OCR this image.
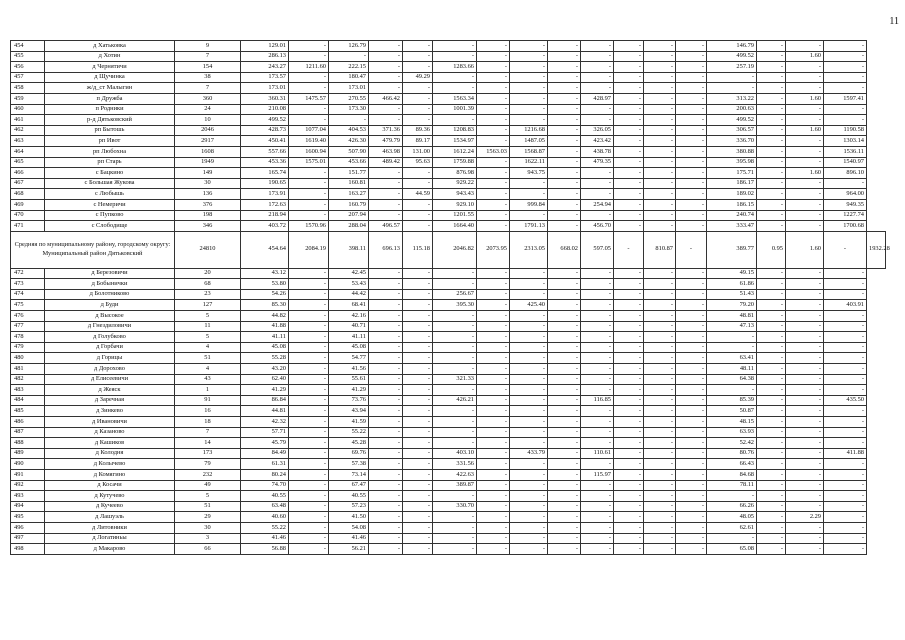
11
454	д Хатьковка	9	129.01	-	126.79	-	-	-	-	-	-	-	-	-	-	146.79	-	-	-	
455	д Хотин	7	286.13	-	-	-	-	-	-	-	-	-	-	-	-	499.52	-	1.60	-	
456	д Чернятичи	154	243.27	1211.60	222.15	-	-	1283.66	-	-	-	-	-	-	-	257.19	-	-	-	
457	д Щучинка	38	173.57	-	180.47	-	49.29	-	-	-	-	-	-	-	-	-	-	-	-	
458	ж/д_ст Малыгин	7	173.01	-	173.01	-	-	-	-	-	-	-	-	-	-	-	-	-	-	
459	п Дружба	360	360.31	1475.57	270.55	466.42	-	1563.34	-	-	-	428.97	-	-	-	313.22	-	1.60	1597.41	
460	п Родники	24	210.08	-	173.30	-	-	1001.39	-	-	-	-	-	-	-	200.63	-	-	-	
461	р-д Дятьковский	10	499.52	-	-	-	-	-	-	-	-	-	-	-	-	499.52	-	-	-	
462	рп Бытошь	2046	428.73	1077.04	404.53	371.36	89.36	1208.83	-	1216.68	-	326.05	-	-	-	306.57	-	1.60	1190.58	
463	рп Ивот	2917	450.41	1619.40	426.30	479.79	89.17	1534.97	-	1487.05	-	423.42	-	-	-	336.70	-	-	1303.14	
464	рп Любохна	1608	557.66	1600.94	507.90	463.98	131.00	1612.24	1563.03	1568.87	-	438.78	-	-	-	380.88	-	-	1536.11	
465	рп Старь	1949	453.36	1575.01	453.66	489.42	95.63	1759.88	-	1622.11	-	479.35	-	-	-	395.98	-	-	1540.97	
466	с Бацкино	149	165.74	-	151.77	-	-	876.98	-	943.75	-	-	-	-	-	175.71	-	1.60	896.10	
467	с Большая Жукова	30	190.65	-	160.81	-	-	929.22	-	-	-	-	-	-	-	186.17	-	-	-	
468	с Любышь	136	173.91	-	163.27	-	44.59	943.43	-	-	-	-	-	-	-	189.02	-	-	964.00	
469	с Немеричи	376	172.63	-	160.79	-	-	929.10	-	999.84	-	254.94	-	-	-	186.15	-	-	949.35	
470	с Пупково	198	218.94	-	207.94	-	-	1201.55	-	-	-	-	-	-	-	240.74	-	-	1227.74	
471	с Слободище	346	403.72	1570.96	288.04	496.57	-	1664.40	-	1791.13	-	456.70	-	-	-	333.47	-	-	1700.68	
Средняя по муниципальному району, городскому округу: Муниципальный район Дятьковский		24810	454.64	2084.19	398.11	696.13	115.18	2046.82	2073.95	2313.05	668.02	597.05	-	810.87	-	389.77	0.95	1.60	-	1932.28
472	д Березовичи	20	43.12	-	42.45	-	-	-	-	-	-	-	-	-	-	49.15	-	-	-	
473	д Бобынички	68	53.80	-	53.43	-	-	-	-	-	-	-	-	-	-	61.86	-	-	-	
474	д Болотниково	23	54.26	-	44.42	-	-	256.67	-	-	-	-	-	-	-	51.43	-	-	-	
475	д Буди	127	85.30	-	68.41	-	-	395.30	-	425.40	-	-	-	-	-	79.20	-	-	403.91	
476	д Высокое	5	44.82	-	42.16	-	-	-	-	-	-	-	-	-	-	48.81	-	-	-	
477	д Гнездиловичи	11	41.88	-	40.71	-	-	-	-	-	-	-	-	-	-	47.13	-	-	-	
478	д Голубково	5	41.11	-	41.11	-	-	-	-	-	-	-	-	-	-	-	-	-	-	
479	д Горбачи	4	45.08	-	45.08	-	-	-	-	-	-	-	-	-	-	-	-	-	-	
480	д Горицы	51	55.28	-	54.77	-	-	-	-	-	-	-	-	-	-	63.41	-	-	-	
481	д Дорохово	4	43.20	-	41.56	-	-	-	-	-	-	-	-	-	-	48.11	-	-	-	
482	д Елисеевичи	43	62.40	-	55.61	-	-	321.33	-	-	-	-	-	-	-	64.38	-	-	-	
483	д Жеяск	1	41.29	-	41.29	-	-	-	-	-	-	-	-	-	-	-	-	-	-	
484	д Заречная	91	86.84	-	73.76	-	-	426.21	-	-	-	116.85	-	-	-	85.39	-	-	435.50	
485	д Зинкево	16	44.81	-	43.94	-	-	-	-	-	-	-	-	-	-	50.87	-	-	-	
486	д Ивановичи	18	42.32	-	41.59	-	-	-	-	-	-	-	-	-	-	48.15	-	-	-	
487	д Казаново	7	57.71	-	55.22	-	-	-	-	-	-	-	-	-	-	63.93	-	-	-	
488	д Кашиков	14	45.79	-	45.28	-	-	-	-	-	-	-	-	-	-	52.42	-	-	-	
489	д Колодня	173	84.49	-	69.76	-	-	403.10	-	433.79	-	110.61	-	-	-	80.76	-	-	411.88	
490	д Колычево	79	61.31	-	57.38	-	-	331.56	-	-	-	-	-	-	-	66.43	-	-	-	
491	д Комягино	232	80.24	-	73.14	-	-	422.63	-	-	-	115.97	-	-	-	84.68	-	-	-	
492	д Косачи	49	74.70	-	67.47	-	-	389.87	-	-	-	-	-	-	-	78.11	-	-	-	
493	д Кутучево	5	40.55	-	40.55	-	-	-	-	-	-	-	-	-	-	-	-	-	-	
494	д Кучеево	51	63.48	-	57.23	-	-	330.70	-	-	-	-	-	-	-	66.26	-	-	-	
495	д Лашуэль	29	40.60	-	41.50	-	-	-	-	-	-	-	-	-	-	48.05	-	2.29	-	
496	д Литовники	30	55.22	-	54.08	-	-	-	-	-	-	-	-	-	-	62.61	-	-	-	
497	д Логатиньы	3	41.46	-	41.46	-	-	-	-	-	-	-	-	-	-	-	-	-	-	
498	д Макарово	66	56.88	-	56.21	-	-	-	-	-	-	-	-	-	-	65.08	-	-	-	
